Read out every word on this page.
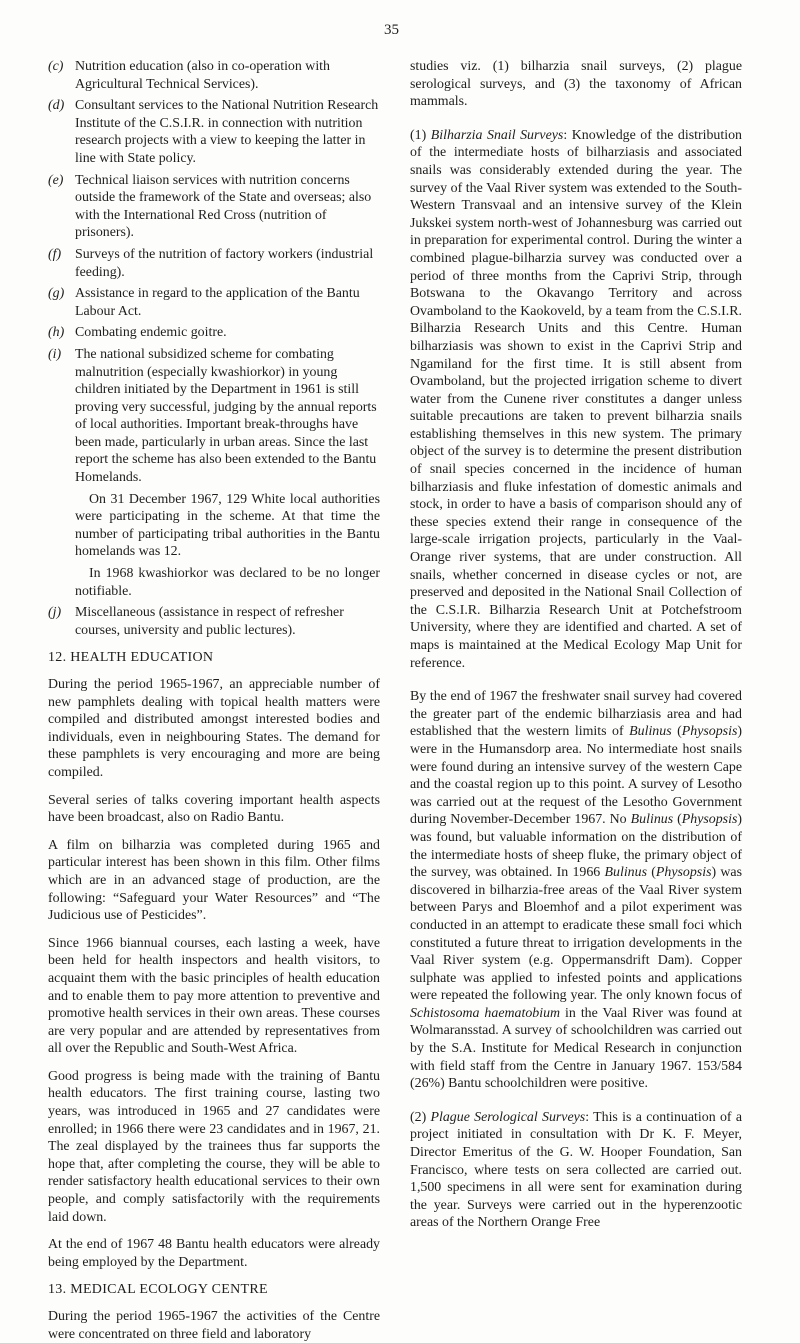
35
(c) Nutrition education (also in co-operation with Agricultural Technical Services).
(d) Consultant services to the National Nutrition Research Institute of the C.S.I.R. in connection with nutrition research projects with a view to keeping the latter in line with State policy.
(e) Technical liaison services with nutrition concerns outside the framework of the State and overseas; also with the International Red Cross (nutrition of prisoners).
(f) Surveys of the nutrition of factory workers (industrial feeding).
(g) Assistance in regard to the application of the Bantu Labour Act.
(h) Combating endemic goitre.
(i) The national subsidized scheme for combating malnutrition (especially kwashiorkor) in young children initiated by the Department in 1961 is still proving very successful, judging by the annual reports of local authorities. Important break-throughs have been made, particularly in urban areas. Since the last report the scheme has also been extended to the Bantu Homelands.

On 31 December 1967, 129 White local authorities were participating in the scheme. At that time the number of participating tribal authorities in the Bantu homelands was 12.

In 1968 kwashiorkor was declared to be no longer notifiable.

(j) Miscellaneous (assistance in respect of refresher courses, university and public lectures).
12. HEALTH EDUCATION

During the period 1965-1967, an appreciable number of new pamphlets dealing with topical health matters were compiled and distributed amongst interested bodies and individuals, even in neighbouring States. The demand for these pamphlets is very encouraging and more are being compiled.

Several series of talks covering important health aspects have been broadcast, also on Radio Bantu.

A film on bilharzia was completed during 1965 and particular interest has been shown in this film. Other films which are in an advanced stage of production, are the following: “Safeguard your Water Resources” and “The Judicious use of Pesticides”.

Since 1966 biannual courses, each lasting a week, have been held for health inspectors and health visitors, to acquaint them with the basic principles of health education and to enable them to pay more attention to preventive and promotive health services in their own areas. These courses are very popular and are attended by representatives from all over the Republic and South-West Africa.

Good progress is being made with the training of Bantu health educators. The first training course, lasting two years, was introduced in 1965 and 27 candidates were enrolled; in 1966 there were 23 candidates and in 1967, 21. The zeal displayed by the trainees thus far supports the hope that, after completing the course, they will be able to render satisfactory health educational services to their own people, and comply satisfactorily with the requirements laid down.

At the end of 1967 48 Bantu health educators were already being employed by the Department.

13. MEDICAL ECOLOGY CENTRE

During the period 1965-1967 the activities of the Centre were concentrated on three field and laboratory

studies viz. (1) bilharzia snail surveys, (2) plague serological surveys, and (3) the taxonomy of African mammals.

(1) Bilharzia Snail Surveys: Knowledge of the distribution of the intermediate hosts of bilharziasis and associated snails was considerably extended during the year. The survey of the Vaal River system was extended to the South-Western Transvaal and an intensive survey of the Klein Jukskei system north-west of Johannesburg was carried out in preparation for experimental control. During the winter a combined plague-bilharzia survey was conducted over a period of three months from the Caprivi Strip, through Botswana to the Okavango Territory and across Ovamboland to the Kaokoveld, by a team from the C.S.I.R. Bilharzia Research Units and this Centre. Human bilharziasis was shown to exist in the Caprivi Strip and Ngamiland for the first time. It is still absent from Ovamboland, but the projected irrigation scheme to divert water from the Cunene river constitutes a danger unless suitable precautions are taken to prevent bilharzia snails establishing themselves in this new system. The primary object of the survey is to determine the present distribution of snail species concerned in the incidence of human bilharziasis and fluke infestation of domestic animals and stock, in order to have a basis of comparison should any of these species extend their range in consequence of the large-scale irrigation projects, particularly in the Vaal-Orange river systems, that are under construction. All snails, whether concerned in disease cycles or not, are preserved and deposited in the National Snail Collection of the C.S.I.R. Bilharzia Research Unit at Potchefstroom University, where they are identified and charted. A set of maps is maintained at the Medical Ecology Map Unit for reference.

By the end of 1967 the freshwater snail survey had covered the greater part of the endemic bilharziasis area and had established that the western limits of Bulinus (Physopsis) were in the Humansdorp area. No intermediate host snails were found during an intensive survey of the western Cape and the coastal region up to this point. A survey of Lesotho was carried out at the request of the Lesotho Government during November-December 1967. No Bulinus (Physopsis) was found, but valuable information on the distribution of the intermediate hosts of sheep fluke, the primary object of the survey, was obtained. In 1966 Bulinus (Physopsis) was discovered in bilharzia-free areas of the Vaal River system between Parys and Bloemhof and a pilot experiment was conducted in an attempt to eradicate these small foci which constituted a future threat to irrigation developments in the Vaal River system (e.g. Oppermansdrift Dam). Copper sulphate was applied to infested points and applications were repeated the following year. The only known focus of Schistosoma haematobium in the Vaal River was found at Wolmaransstad. A survey of schoolchildren was carried out by the S.A. Institute for Medical Research in conjunction with field staff from the Centre in January 1967. 153/584 (26%) Bantu schoolchildren were positive.

(2) Plague Serological Surveys: This is a continuation of a project initiated in consultation with Dr K. F. Meyer, Director Emeritus of the G. W. Hooper Foundation, San Francisco, where tests on sera collected are carried out. 1,500 specimens in all were sent for examination during the year. Surveys were carried out in the hyperenzootic areas of the Northern Orange Free
